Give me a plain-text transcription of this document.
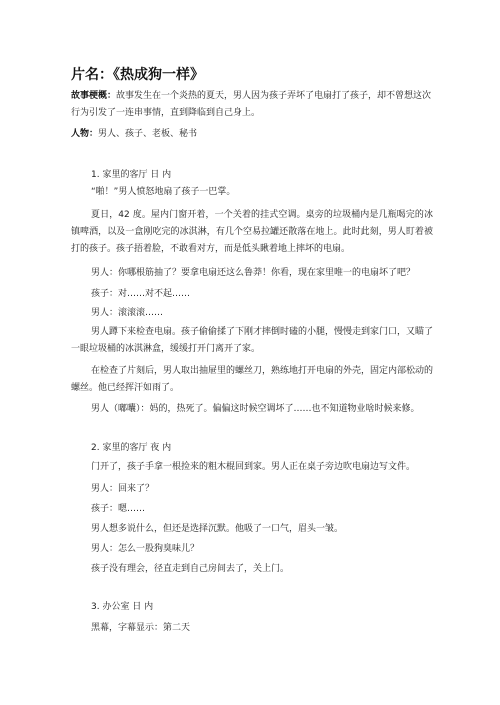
片名：《热成狗一样》
故事梗概：故事发生在一个炎热的夏天，男人因为孩子弄坏了电扇打了孩子，却不曾想这次行为引发了一连串事情，直到降临到自己身上。
人物：男人、孩子、老板、秘书
1. 家里的客厅 日 内
“啪！”男人愤怒地扇了孩子一巴掌。
夏日，42 度。屋内门窗开着，一个关着的挂式空调。桌旁的垃圾桶内是几瓶喝完的冰镇啤酒，以及一盒刚吃完的冰淇淋，有几个空易拉罐还散落在地上。此时此刻，男人盯着被打的孩子。孩子捂着脸，不敢看对方，而是低头瞅着地上摔坏的电扇。
男人：你哪根筋抽了？要拿电扇还这么鲁莽！你看，现在家里唯一的电扇坏了吧？
孩子：对……对不起……
男人：滚滚滚……
男人蹲下来检查电扇。孩子偷偷揉了下刚才摔倒时磕的小腿，慢慢走到家门口，又瞄了一眼垃圾桶的冰淇淋盒，缓缓打开门离开了家。
在检查了片刻后，男人取出抽屉里的螺丝刀，熟练地打开电扇的外壳，固定内部松动的螺丝。他已经挥汗如雨了。
男人（嘟囔）：妈的，热死了。偏偏这时候空调坏了……也不知道物业啥时候来修。
2. 家里的客厅 夜 内
门开了，孩子手拿一根捡来的粗木棍回到家。男人正在桌子旁边吹电扇边写文件。
男人：回来了？
孩子：嗯……
男人想多说什么，但还是选择沉默。他吸了一口气，眉头一皱。
男人：怎么一股狗臭味儿？
孩子没有理会，径直走到自己房间去了，关上门。
3. 办公室 日 内
黑幕，字幕显示：第二天
